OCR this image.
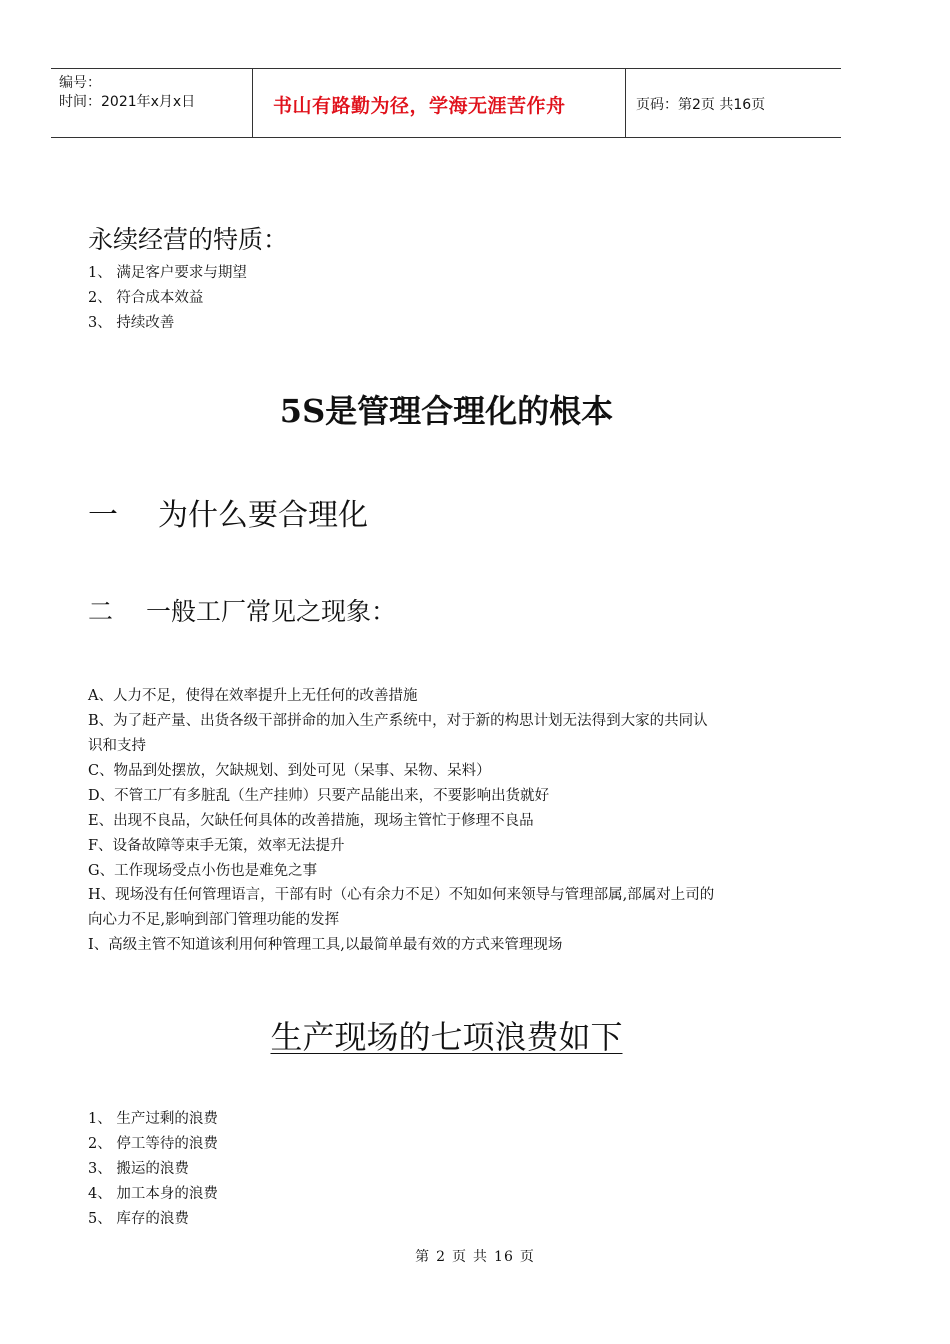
编号：
时间：2021年x月x日	书山有路勤为径，学海无涯苦作舟	页码：第2页 共16页
永续经营的特质：
1、 满足客户要求与期望
2、 符合成本效益
3、 持续改善
5S是管理合理化的根本
一 为什么要合理化
二 一般工厂常见之现象：
A、人力不足，使得在效率提升上无任何的改善措施
B、为了赶产量、出货各级干部拼命的加入生产系统中，对于新的构思计划无法得到大家的共同认
识和支持
C、物品到处摆放，欠缺规划、到处可见（呆事、呆物、呆料）
D、不管工厂有多脏乱（生产挂帅）只要产品能出来，不要影响出货就好
E、出现不良品，欠缺任何具体的改善措施，现场主管忙于修理不良品
F、设备故障等束手无策，效率无法提升
G、工作现场受点小伤也是难免之事
H、现场没有任何管理语言，干部有时（心有余力不足）不知如何来领导与管理部属,部属对上司的
向心力不足,影响到部门管理功能的发挥
I、高级主管不知道该利用何种管理工具,以最简单最有效的方式来管理现场
生产现场的七项浪费如下
1、 生产过剩的浪费
2、 停工等待的浪费
3、 搬运的浪费
4、 加工本身的浪费
5、 库存的浪费
第 2 页 共 16 页
